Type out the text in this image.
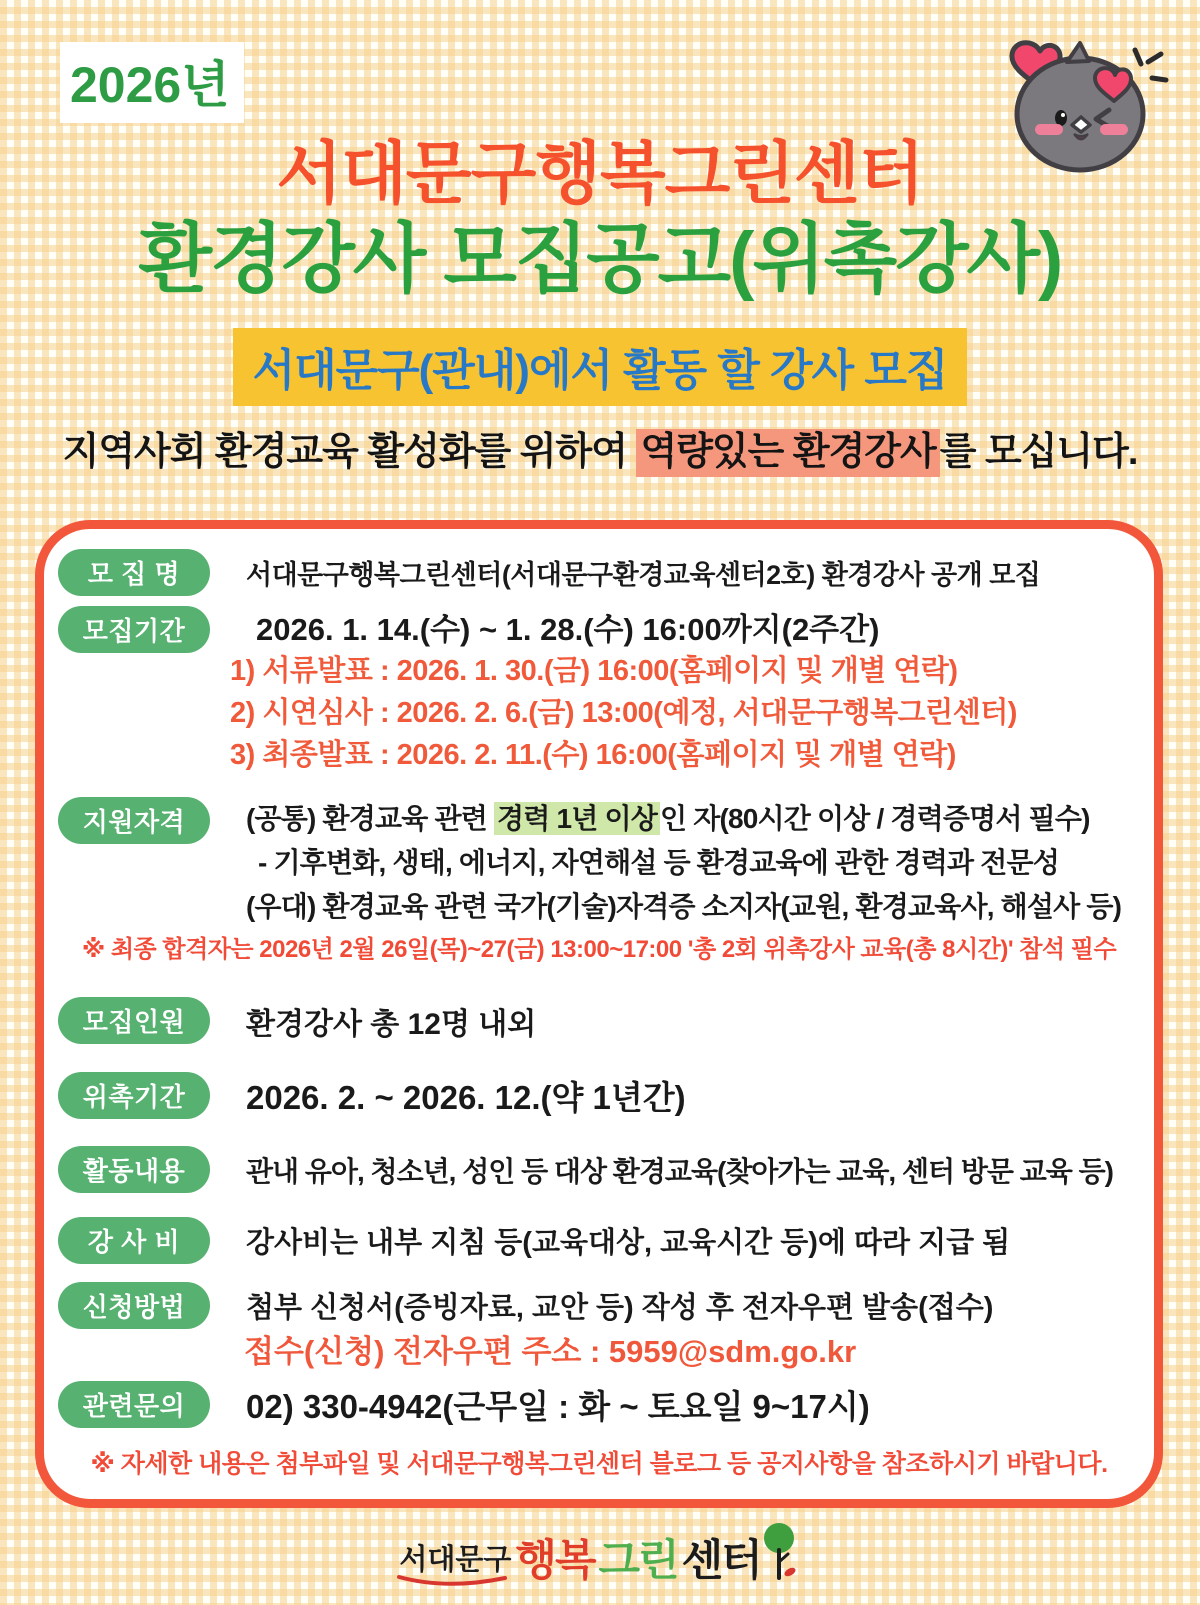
2026년
서대문구행복그린센터
환경강사 모집공고(위촉강사)
서대문구(관내)에서 활동 할 강사 모집
지역사회 환경교육 활성화를 위하여 역량있는 환경강사 를 모십니다.
모 집 명	서대문구행복그린센터(서대문구환경교육센터2호) 환경강사 공개 모집
모집기간	2026. 1. 14.(수) ~ 1. 28.(수) 16:00까지(2주간)
1) 서류발표 : 2026. 1. 30.(금) 16:00(홈페이지 및 개별 연락)
2) 시연심사 : 2026. 2. 6.(금) 13:00(예정, 서대문구행복그린센터)
3) 최종발표 : 2026. 2. 11.(수) 16:00(홈페이지 및 개별 연락)
지원자격	(공통) 환경교육 관련 경력 1년 이상 인 자(80시간 이상 / 경력증명서 필수)
- 기후변화, 생태, 에너지, 자연해설 등 환경교육에 관한 경력과 전문성
(우대) 환경교육 관련 국가(기술)자격증 소지자(교원, 환경교육사, 해설사 등)
※ 최종 합격자는 2026년 2월 26일(목)~27(금) 13:00~17:00 '총 2회 위촉강사 교육(총 8시간)' 참석 필수
모집인원	환경강사 총 12명 내외
위촉기간	2026. 2. ~ 2026. 12.(약 1년간)
활동내용	관내 유아, 청소년, 성인 등 대상 환경교육(찾아가는 교육, 센터 방문 교육 등)
강 사 비	강사비는 내부 지침 등(교육대상, 교육시간 등)에 따라 지급 됨
신청방법	첨부 신청서(증빙자료, 교안 등) 작성 후 전자우편 발송(접수)
접수(신청) 전자우편 주소 : 5959@sdm.go.kr
관련문의	02) 330-4942(근무일 : 화 ~ 토요일 9~17시)
※ 자세한 내용은 첨부파일 및 서대문구행복그린센터 블로그 등 공지사항을 참조하시기 바랍니다.
서대문구 행복 그린 센터
